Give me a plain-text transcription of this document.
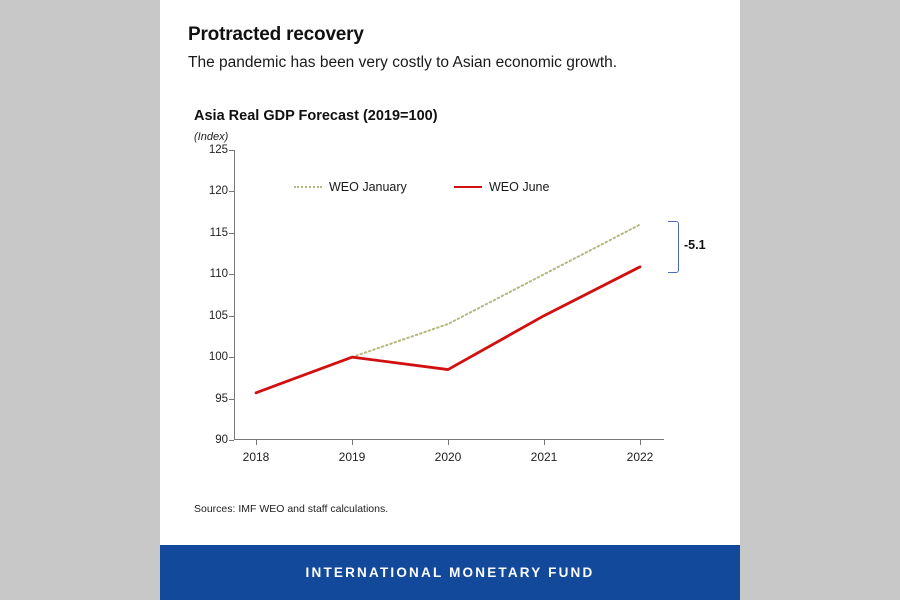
Protracted recovery
The pandemic has been very costly to Asian economic growth.
Asia Real GDP Forecast (2019=100)
(Index)
90
95
100
105
110
115
120
125
2018	2019	2020	2021	2022
WEO January	WEO June
-5.1
Sources: IMF WEO and staff calculations.
INTERNATIONAL MONETARY FUND
